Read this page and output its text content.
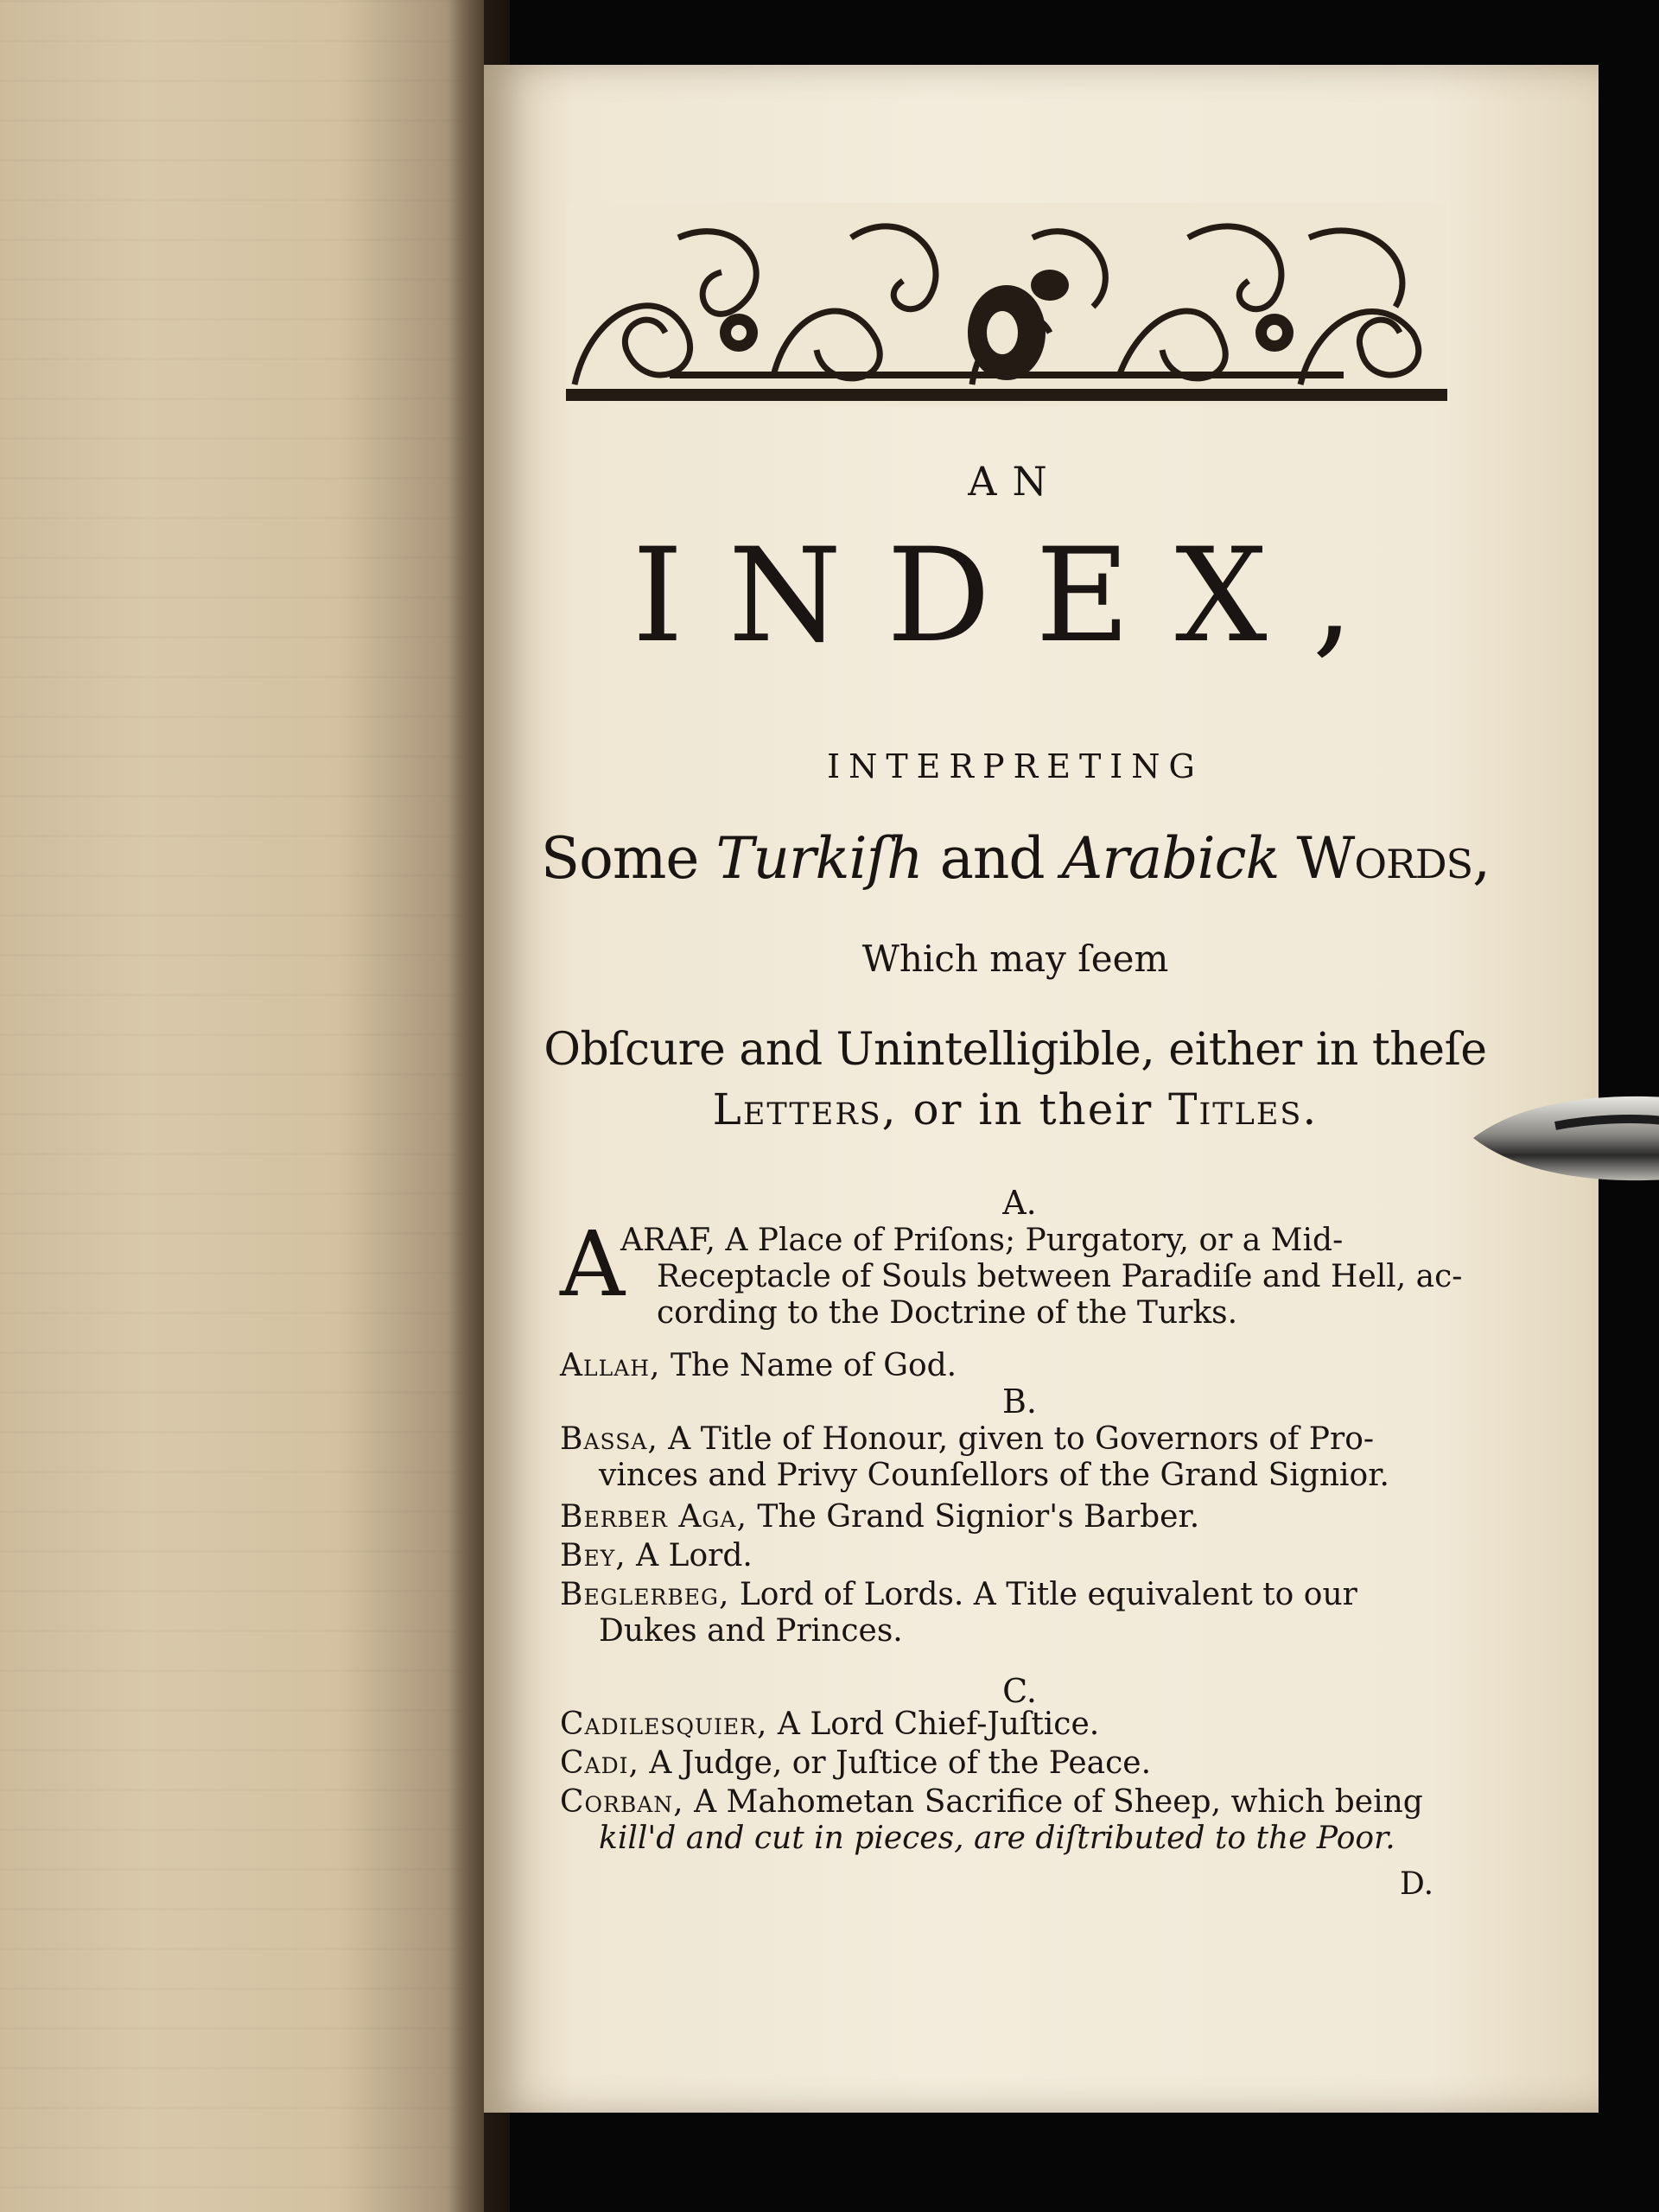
AN
INDEX,
INTERPRETING
Some Turkiſh and Arabick Words,
Which may ſeem
Obſcure and Unintelligible, either in theſe
Letters, or in their Titles.
A.
A
ARAF, A Place of Priſons; Purgatory, or a Mid-
Receptacle of Souls between Paradiſe and Hell, ac-
cording to the Doctrine of the Turks.
Allah, The Name of God.
B.
Bassa, A Title of Honour, given to Governors of Pro-
vinces and Privy Counſellors of the Grand Signior.
Berber Aga, The Grand Signior's Barber.
Bey, A Lord.
Beglerbeg, Lord of Lords. A Title equivalent to our
Dukes and Princes.
C.
Cadilesquier, A Lord Chief-Juſtice.
Cadi, A Judge, or Juſtice of the Peace.
Corban, A Mahometan Sacrifice of Sheep, which being
kill'd and cut in pieces, are diſtributed to the Poor.
D.
